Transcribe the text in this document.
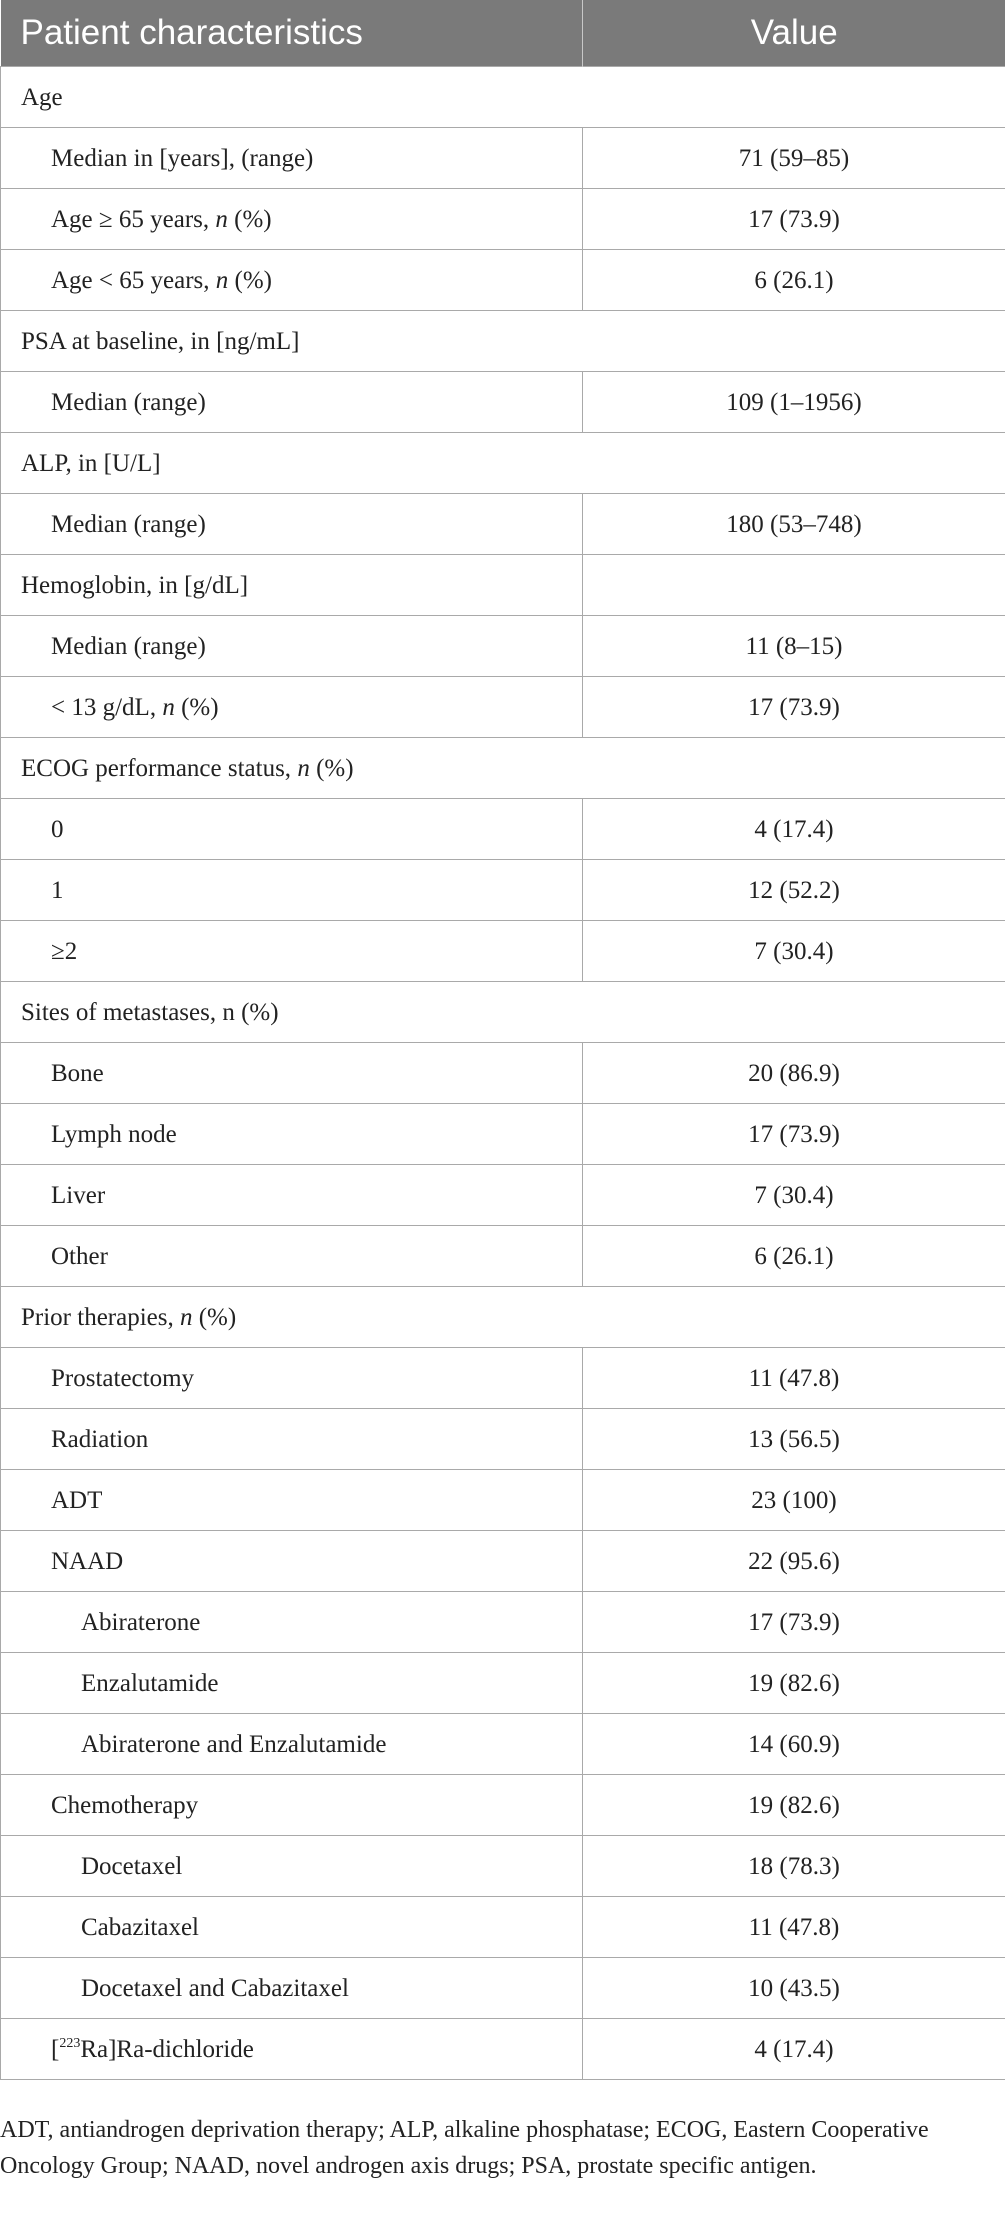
Patient characteristics	Value
Age	
Median in [years], (range)	71 (59–85)
Age ≥ 65 years, n (%)	17 (73.9)
Age < 65 years, n (%)	6 (26.1)
PSA at baseline, in [ng/mL]	
Median (range)	109 (1–1956)
ALP, in [U/L]	
Median (range)	180 (53–748)
Hemoglobin, in [g/dL]	
Median (range)	11 (8–15)
< 13 g/dL, n (%)	17 (73.9)
ECOG performance status, n (%)	
0	4 (17.4)
1	12 (52.2)
≥2	7 (30.4)
Sites of metastases, n (%)	
Bone	20 (86.9)
Lymph node	17 (73.9)
Liver	7 (30.4)
Other	6 (26.1)
Prior therapies, n (%)	
Prostatectomy	11 (47.8)
Radiation	13 (56.5)
ADT	23 (100)
NAAD	22 (95.6)
Abiraterone	17 (73.9)
Enzalutamide	19 (82.6)
Abiraterone and Enzalutamide	14 (60.9)
Chemotherapy	19 (82.6)
Docetaxel	18 (78.3)
Cabazitaxel	11 (47.8)
Docetaxel and Cabazitaxel	10 (43.5)
[$^{223}$Ra]Ra-dichloride	4 (17.4)
ADT, antiandrogen deprivation therapy; ALP, alkaline phosphatase; ECOG, Eastern Cooperative Oncology Group; NAAD, novel androgen axis drugs; PSA, prostate specific antigen.
